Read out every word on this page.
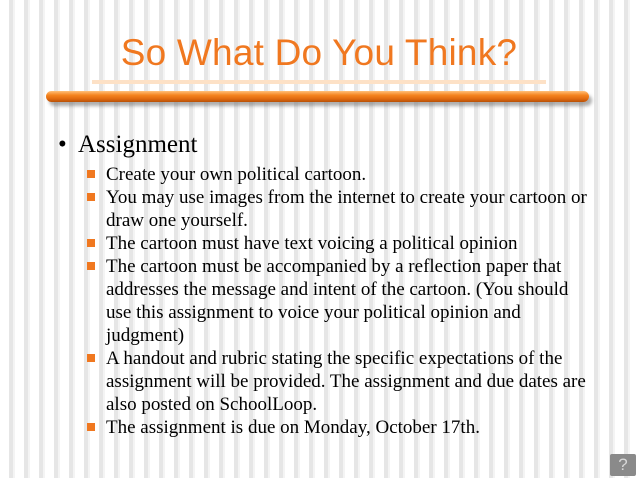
So What Do You Think?
• Assignment
Create your own political cartoon.
You may use images from the internet to create your cartoon or draw one yourself.
The cartoon must have text voicing a political opinion
The cartoon must be accompanied by a reflection paper that addresses the message and intent of the cartoon. (You should use this assignment to voice your political opinion and judgment)
A handout and rubric stating the specific expectations of the assignment will be provided. The assignment and due dates are also posted on SchoolLoop.
The assignment is due on Monday, October 17th.
?
